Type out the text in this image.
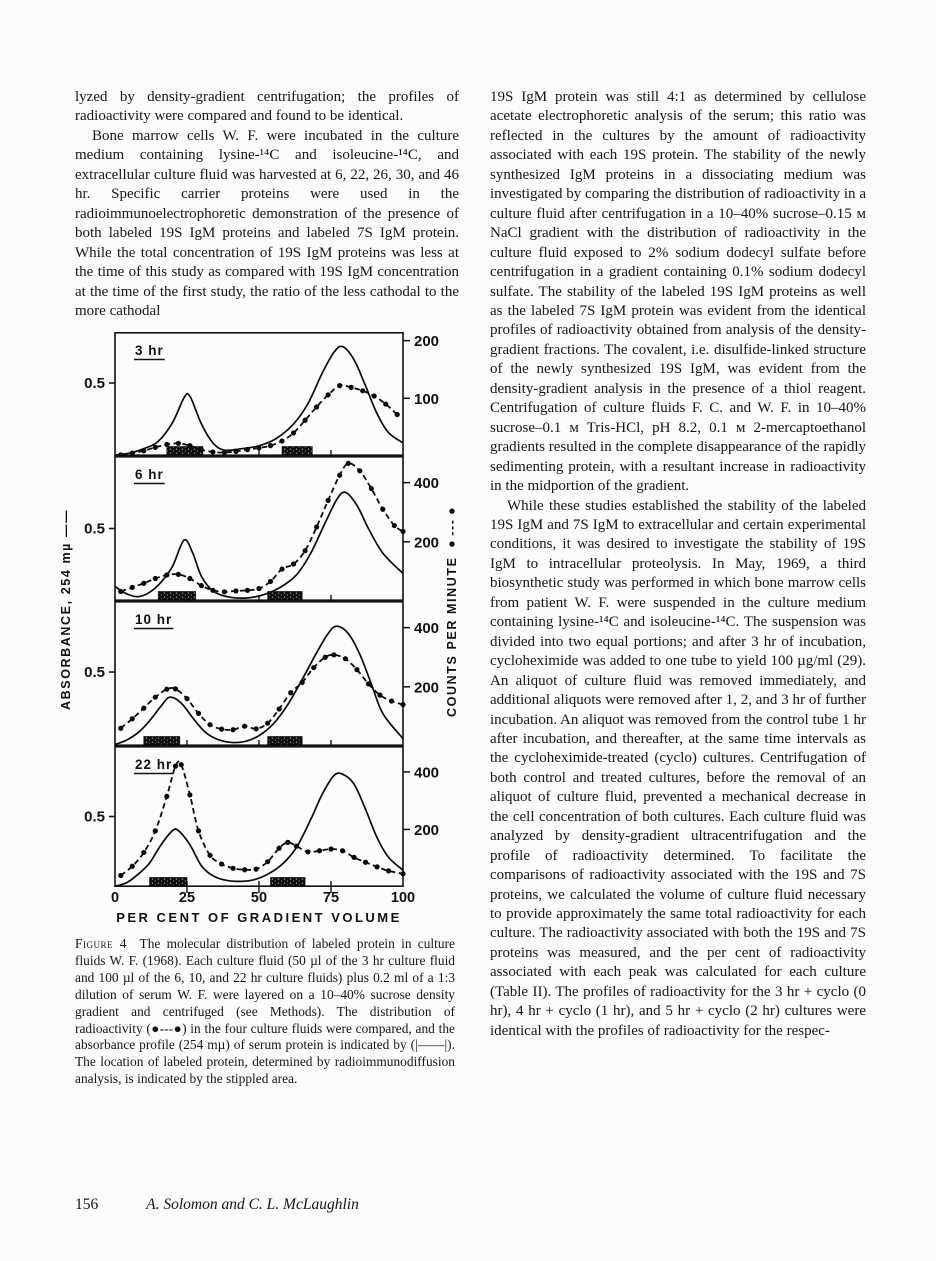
lyzed by density-gradient centrifugation; the profiles of radioactivity were compared and found to be identical.

Bone marrow cells W. F. were incubated in the culture medium containing lysine-¹⁴C and isoleucine-¹⁴C, and extracellular culture fluid was harvested at 6, 22, 26, 30, and 46 hr. Specific carrier proteins were used in the radioimmunoelectrophoretic demonstration of the presence of both labeled 19S IgM proteins and labeled 7S IgM protein. While the total concentration of 19S IgM proteins was less at the time of this study as compared with 19S IgM concentration at the time of the first study, the ratio of the less cathodal to the more cathodal

19S IgM protein was still 4:1 as determined by cellulose acetate electrophoretic analysis of the serum; this ratio was reflected in the cultures by the amount of radioactivity associated with each 19S protein. The stability of the newly synthesized IgM proteins in a dissociating medium was investigated by comparing the distribution of radioactivity in a culture fluid after centrifugation in a 10–40% sucrose–0.15 ᴍ NaCl gradient with the distribution of radioactivity in the culture fluid exposed to 2% sodium dodecyl sulfate before centrifugation in a gradient containing 0.1% sodium dodecyl sulfate. The stability of the labeled 19S IgM proteins as well as the labeled 7S IgM protein was evident from the identical profiles of radioactivity obtained from analysis of the density-gradient fractions. The covalent, i.e. disulfide-linked structure of the newly synthesized 19S IgM, was evident from the density-gradient analysis in the presence of a thiol reagent. Centrifugation of culture fluids F. C. and W. F. in 10–40% sucrose–0.1 ᴍ Tris-HCl, pH 8.2, 0.1 ᴍ 2-mercaptoethanol gradients resulted in the complete disappearance of the rapidly sedimenting protein, with a resultant increase in radioactivity in the midportion of the gradient.

While these studies established the stability of the labeled 19S IgM and 7S IgM to extracellular and certain experimental conditions, it was desired to investigate the stability of 19S IgM to intracellular proteolysis. In May, 1969, a third biosynthetic study was performed in which bone marrow cells from patient W. F. were suspended in the culture medium containing lysine-¹⁴C and isoleucine-¹⁴C. The suspension was divided into two equal portions; and after 3 hr of incubation, cycloheximide was added to one tube to yield 100 µg/ml (29). An aliquot of culture fluid was removed immediately, and additional aliquots were removed after 1, 2, and 3 hr of further incubation. An aliquot was removed from the control tube 1 hr after incubation, and thereafter, at the same time intervals as the cycloheximide-treated (cyclo) cultures. Centrifugation of both control and treated cultures, before the removal of an aliquot of culture fluid, prevented a mechanical decrease in the cell concentration of both cultures. Each culture fluid was analyzed by density-gradient ultracentrifugation and the profile of radioactivity determined. To facilitate the comparisons of radioactivity associated with the 19S and 7S proteins, we calculated the volume of culture fluid necessary to provide approximately the same total radioactivity for each culture. The radioactivity associated with both the 19S and 7S proteins was measured, and the per cent of radioactivity associated with each peak was calculated for each culture (Table II). The profiles of radioactivity for the 3 hr + cyclo (0 hr), 4 hr + cyclo (1 hr), and 5 hr + cyclo (2 hr) cultures were identical with the profiles of radioactivity for the respec-

ABSORBANCE, 254 mµ ——	COUNTS PER MINUTE ●---●
0.5
200
100
3 hr
0.5
400
200
6 hr
0.5
400
200
10 hr
0.5
400
200
22 hr
0	25	50	75	100
PER CENT OF GRADIENT VOLUME
Figure 4 The molecular distribution of labeled protein in culture fluids W. F. (1968). Each culture fluid (50 µl of the 3 hr culture fluid and 100 µl of the 6, 10, and 22 hr culture fluids) plus 0.2 ml of a 1:3 dilution of serum W. F. were layered on a 10–40% sucrose density gradient and centrifuged (see Methods). The distribution of radioactivity (●---●) in the four culture fluids were compared, and the absorbance profile (254 mµ) of serum protein is indicated by (|——|). The location of labeled protein, determined by radioimmunodiffusion analysis, is indicated by the stippled area.
156	A. Solomon and C. L. McLaughlin
